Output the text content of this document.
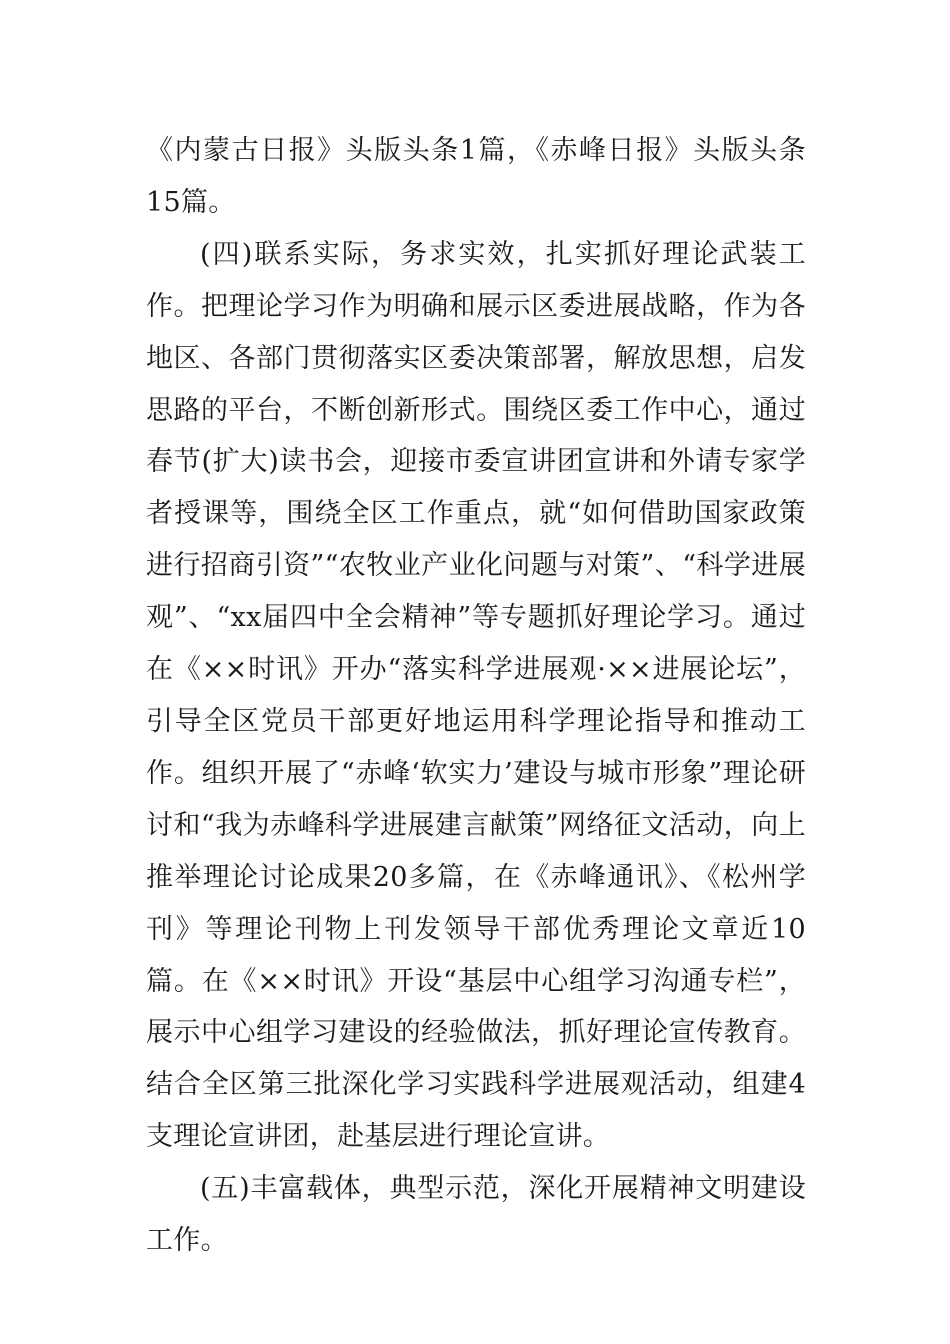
《内蒙古日报》头版头条1篇，《赤峰日报》头版头条15篇。

(四)联系实际，务求实效，扎实抓好理论武装工作。把理论学习作为明确和展示区委进展战略，作为各地区、各部门贯彻落实区委决策部署，解放思想，启发思路的平台，不断创新形式。围绕区委工作中心，通过春节(扩大)读书会，迎接市委宣讲团宣讲和外请专家学者授课等，围绕全区工作重点，就“如何借助国家政策进行招商引资”“农牧业产业化问题与对策”、“科学进展观”、“xx届四中全会精神”等专题抓好理论学习。通过在《××时讯》开办“落实科学进展观·××进展论坛”，引导全区党员干部更好地运用科学理论指导和推动工作。组织开展了“赤峰‘软实力’建设与城市形象”理论研讨和“我为赤峰科学进展建言献策”网络征文活动，向上推举理论讨论成果20多篇，在《赤峰通讯》、《松州学刊》等理论刊物上刊发领导干部优秀理论文章近10篇。在《××时讯》开设“基层中心组学习沟通专栏”，展示中心组学习建设的经验做法，抓好理论宣传教育。结合全区第三批深化学习实践科学进展观活动，组建4支理论宣讲团，赴基层进行理论宣讲。

(五)丰富载体，典型示范，深化开展精神文明建设工作。
